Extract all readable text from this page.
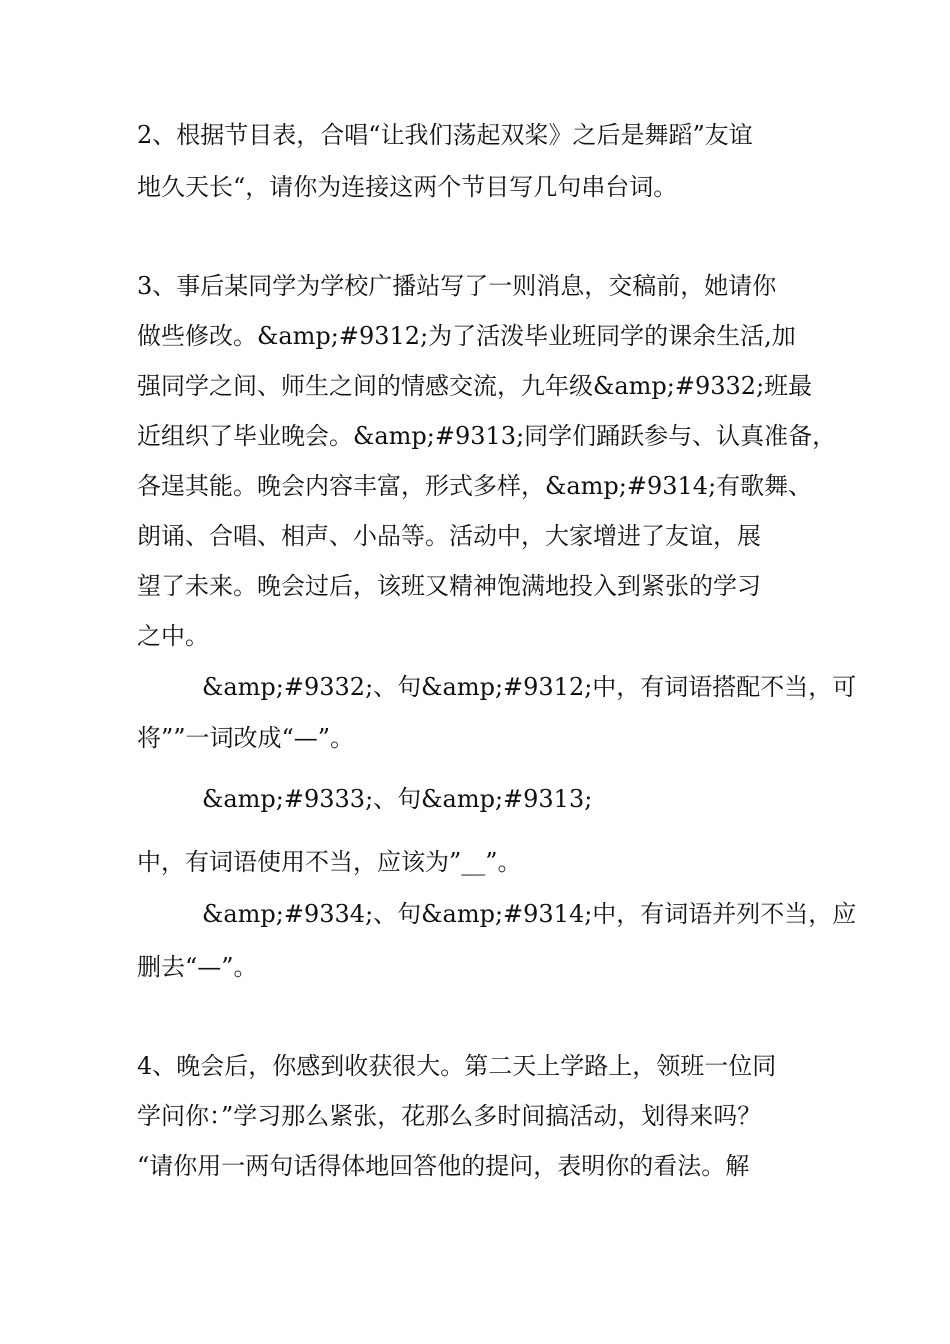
2、根据节目表，合唱“让我们荡起双桨》之后是舞蹈”友谊
地久天长“，请你为连接这两个节目写几句串台词。
3、事后某同学为学校广播站写了一则消息，交稿前，她请你
做些修改。&amp;#9312;为了活泼毕业班同学的课余生活,加
强同学之间、师生之间的情感交流，九年级&amp;#9332;班最
近组织了毕业晚会。&amp;#9313;同学们踊跃参与、认真准备，
各逞其能。晚会内容丰富，形式多样，&amp;#9314;有歌舞、
朗诵、合唱、相声、小品等。活动中，大家增进了友谊，展
望了未来。晚会过后，该班又精神饱满地投入到紧张的学习
之中。
&amp;#9332;、句&amp;#9312;中，有词语搭配不当，可
将””一词改成“—”。
&amp;#9333;、句&amp;#9313;
中，有词语使用不当，应该为”__”。
&amp;#9334;、句&amp;#9314;中，有词语并列不当，应
删去“—”。
4、晚会后，你感到收获很大。第二天上学路上，领班一位同
学问你：”学习那么紧张，花那么多时间搞活动，划得来吗？
“请你用一两句话得体地回答他的提问，表明你的看法。解
